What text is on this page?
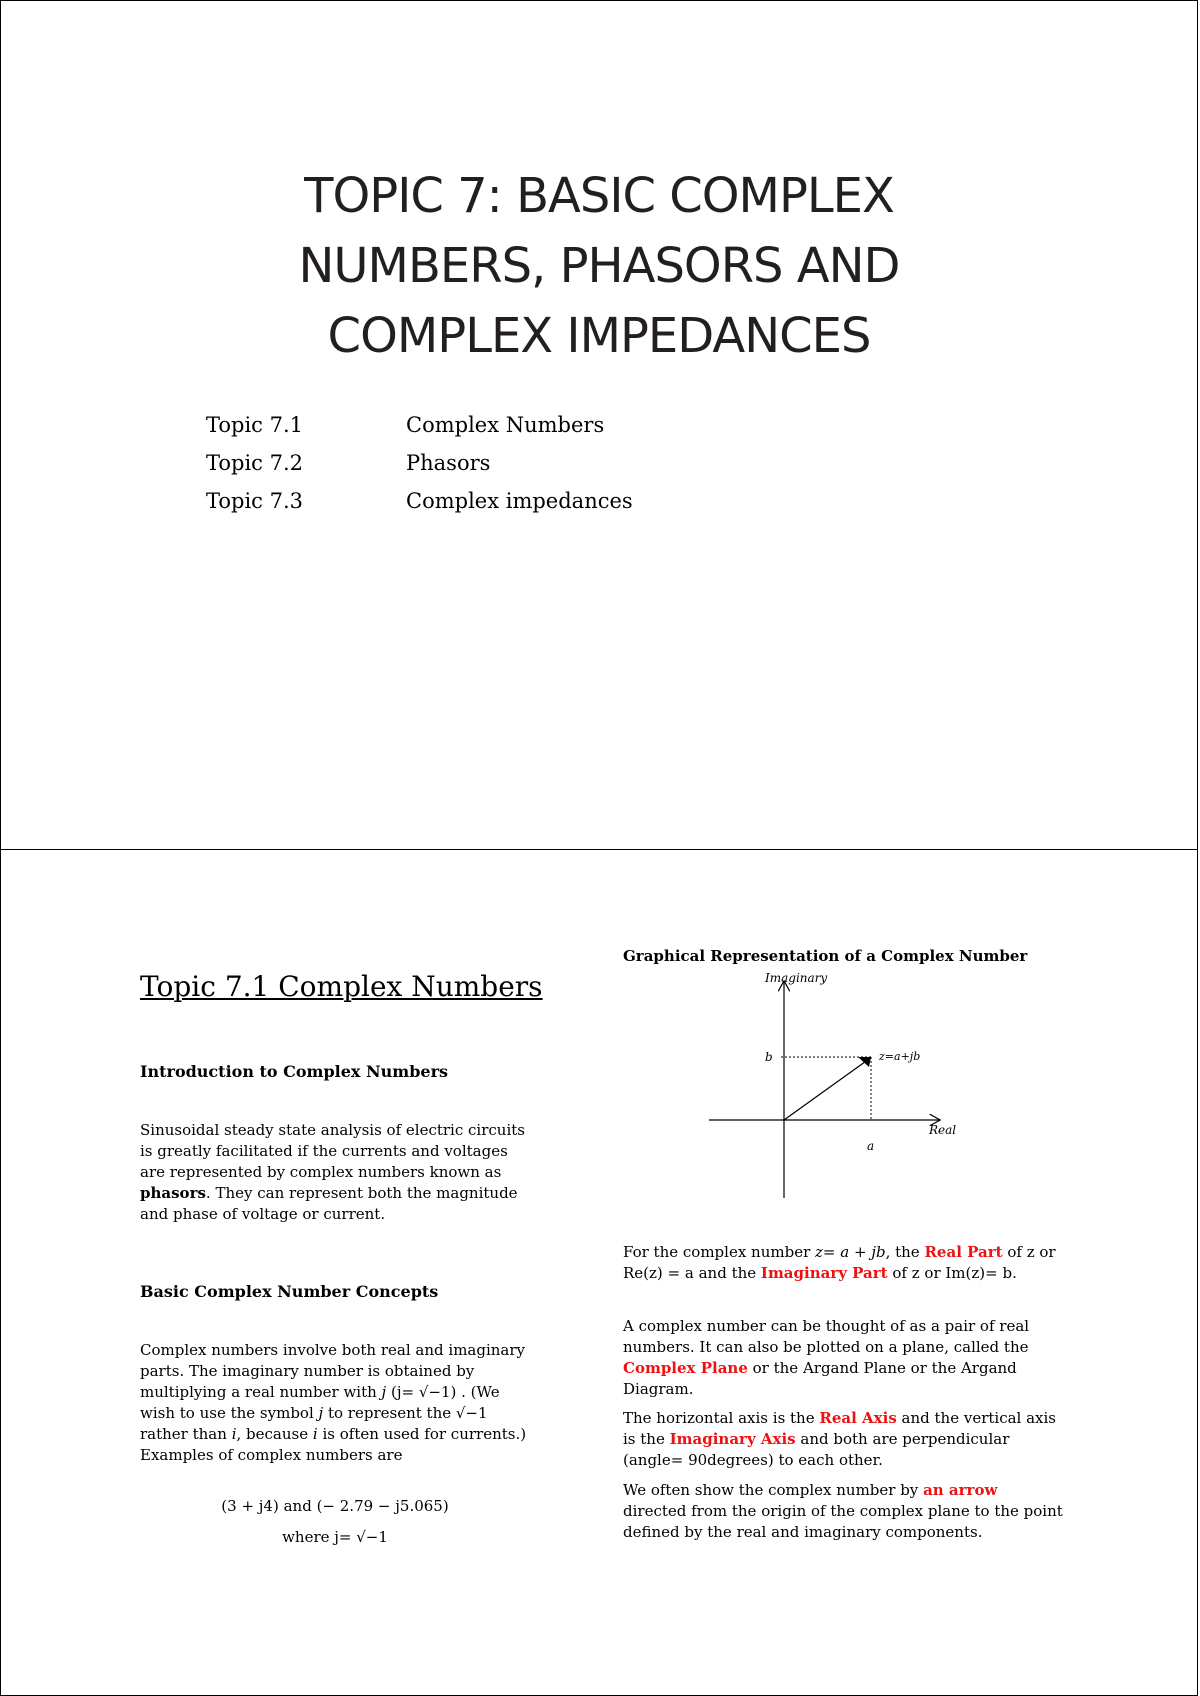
TOPIC 7: BASIC COMPLEX
NUMBERS, PHASORS AND
COMPLEX IMPEDANCES
Topic 7.1	Complex Numbers
Topic 7.2	Phasors
Topic 7.3	Complex impedances
Topic 7.1 Complex Numbers
Introduction to Complex Numbers
Sinusoidal steady state analysis of electric circuits is greatly facilitated if the currents and voltages are represented by complex numbers known as phasors. They can represent both the magnitude and phase of voltage or current.
Basic Complex Number Concepts
Complex numbers involve both real and imaginary parts. The imaginary number is obtained by multiplying a real number with j (j= √−1) . (We wish to use the symbol j to represent the √−1 rather than i, because i is often used for currents.) Examples of complex numbers are
(3 + j4) and (− 2.79 − j5.065)
where j= √−1
Graphical Representation of a Complex Number
Imaginary
Real
b
a
z=a+jb
For the complex number z= a + jb, the Real Part of z or Re(z) = a and the Imaginary Part of z or Im(z)= b.
A complex number can be thought of as a pair of real numbers. It can also be plotted on a plane, called the Complex Plane or the Argand Plane or the Argand Diagram.
The horizontal axis is the Real Axis and the vertical axis is the Imaginary Axis and both are perpendicular (angle= 90degrees) to each other.
We often show the complex number by an arrow directed from the origin of the complex plane to the point defined by the real and imaginary components.
